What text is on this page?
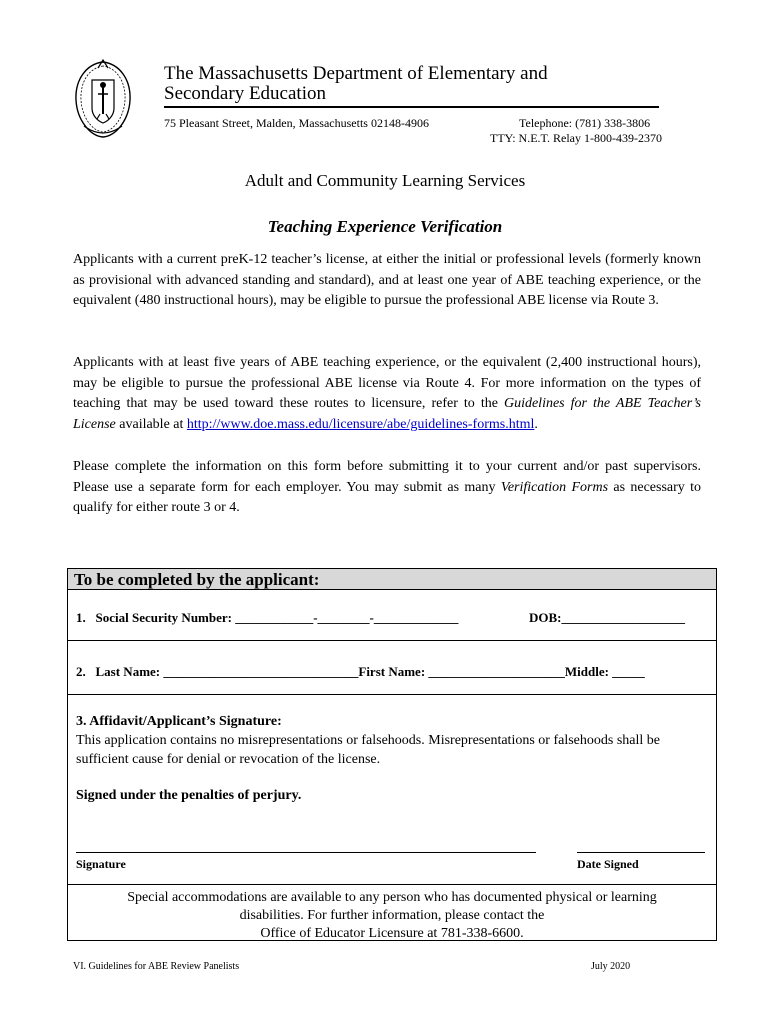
The Massachusetts Department of Elementary and
Secondary Education
75 Pleasant Street, Malden, Massachusetts 02148-4906	Telephone: (781) 338-3806
TTY: N.E.T. Relay 1-800-439-2370
Adult and Community Learning Services
Teaching Experience Verification

Applicants with a current preK-12 teacher’s license, at either the initial or professional levels (formerly known as provisional with advanced standing and standard), and at least one year of ABE teaching experience, or the equivalent (480 instructional hours), may be eligible to pursue the professional ABE license via Route 3.

Applicants with at least five years of ABE teaching experience, or the equivalent (2,400 instructional hours), may be eligible to pursue the professional ABE license via Route 4. For more information on the types of teaching that may be used toward these routes to licensure, refer to the Guidelines for the ABE Teacher’s License available at http://www.doe.mass.edu/licensure/abe/guidelines-forms.html.

Please complete the information on this form before submitting it to your current and/or past supervisors. Please use a separate form for each employer. You may submit as many Verification Forms as necessary to qualify for either route 3 or 4.

To be completed by the applicant:
1.   Social Security Number: ____________-________-_____________	DOB:___________________
2.   Last Name: ______________________________First Name: _____________________Middle: _____
3. Affidavit/Applicant’s Signature:

This application contains no misrepresentations or falsehoods. Misrepresentations or falsehoods shall be sufficient cause for denial or revocation of the license.

Signed under the penalties of perjury.
Signature	Date Signed

Special accommodations are available to any person who has documented physical or learning
disabilities. For further information, please contact the
Office of Educator Licensure at 781-338-6600.

VI. Guidelines for ABE Review Panelists	July 2020
